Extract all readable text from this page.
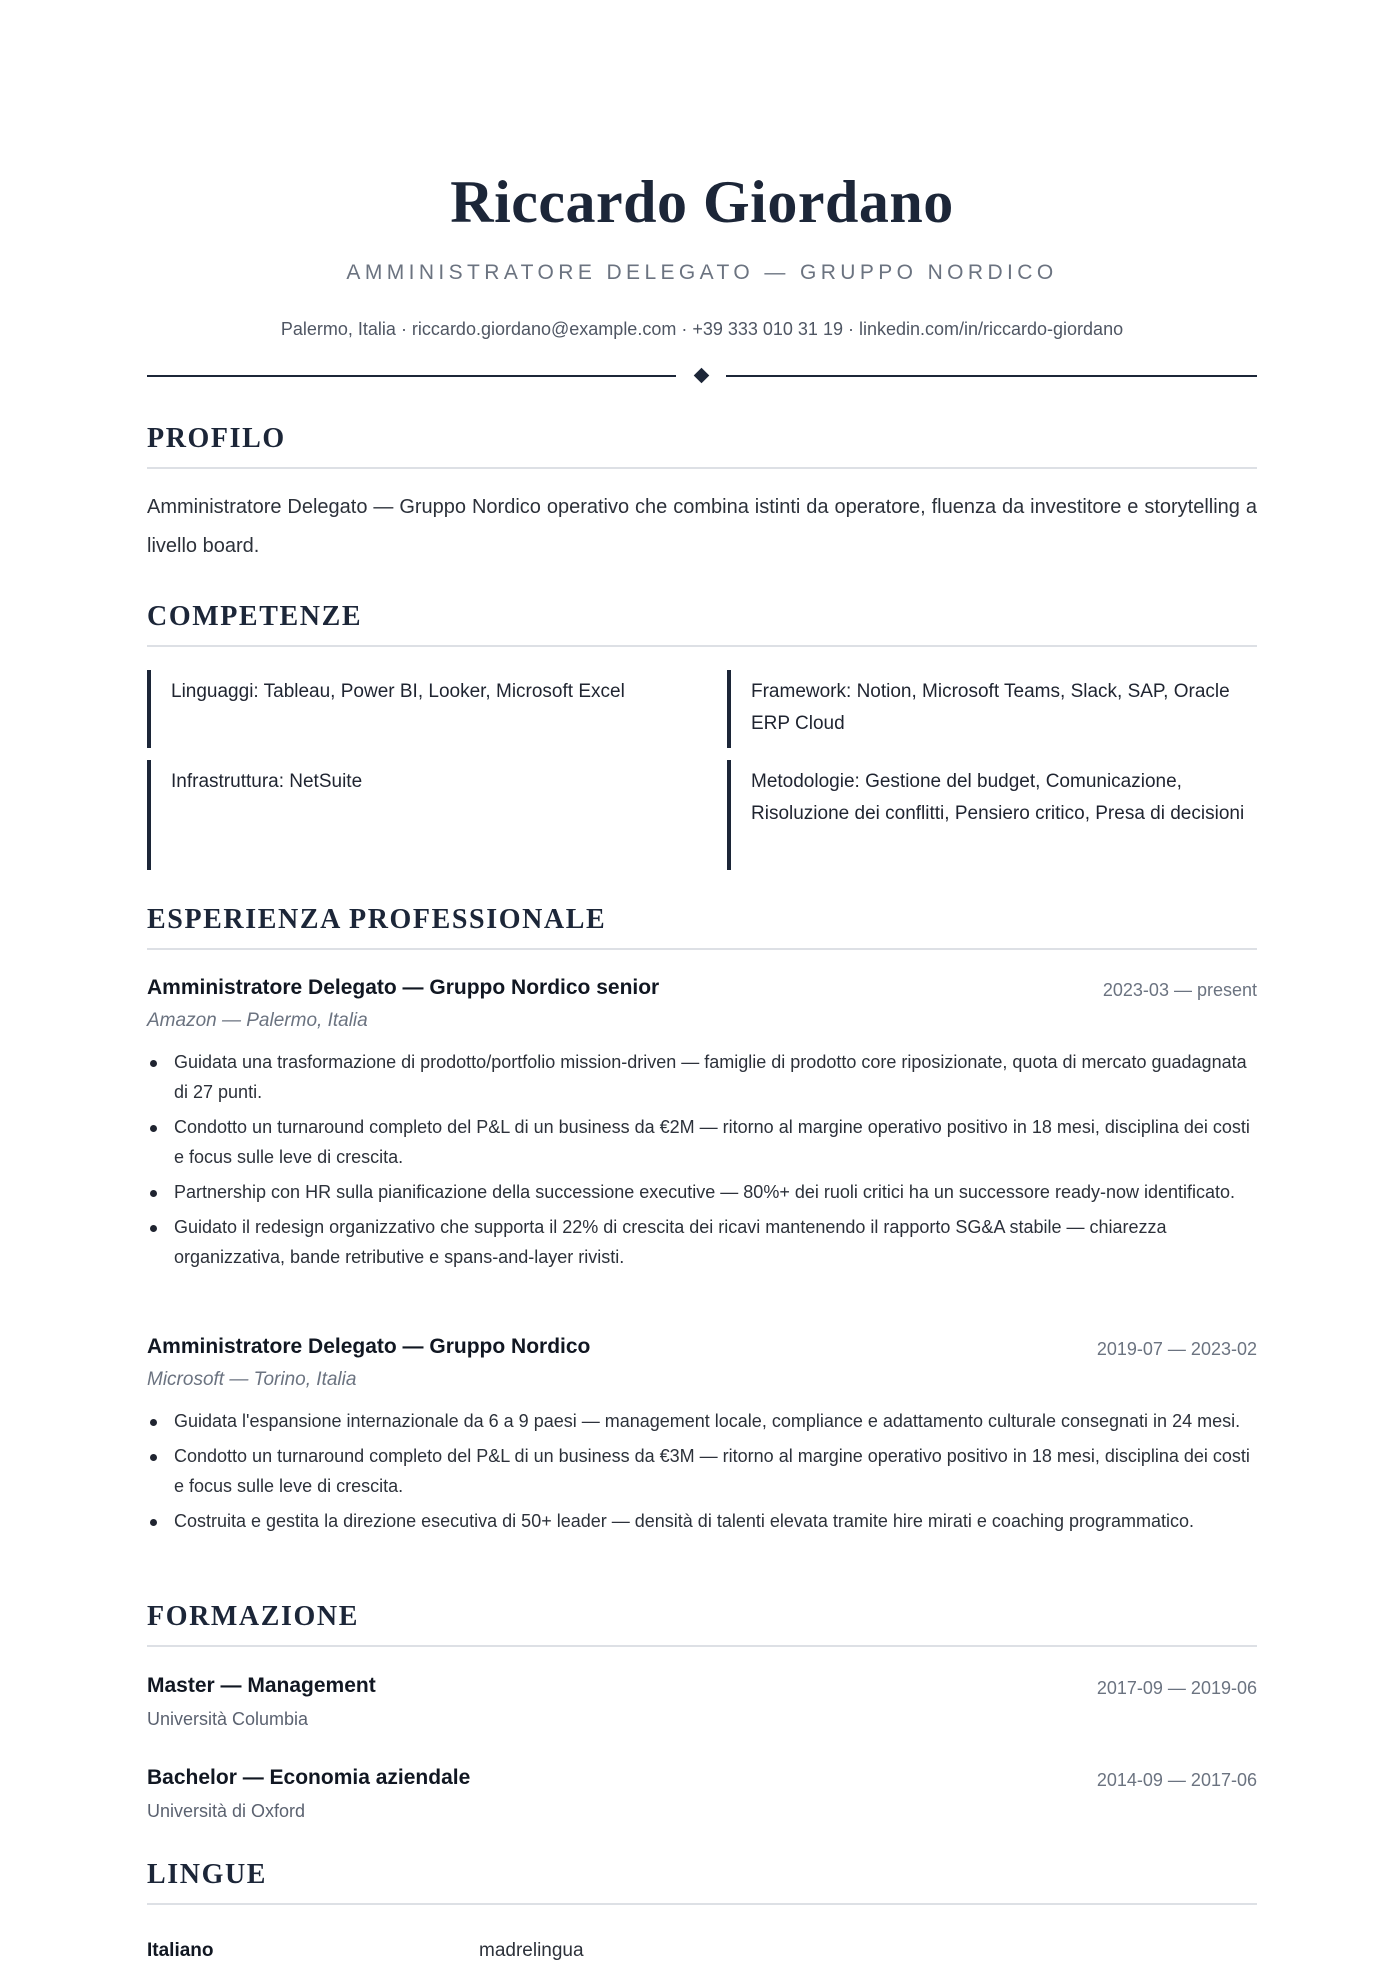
Riccardo Giordano
AMMINISTRATORE DELEGATO — GRUPPO NORDICO
Palermo, Italia · riccardo.giordano@example.com · +39 333 010 31 19 · linkedin.com/in/riccardo-giordano
PROFILO
Amministratore Delegato — Gruppo Nordico operativo che combina istinti da operatore, fluenza da investitore e storytelling a livello board.
COMPETENZE
Linguaggi: Tableau, Power BI, Looker, Microsoft Excel	Framework: Notion, Microsoft Teams, Slack, SAP, Oracle ERP Cloud
Infrastruttura: NetSuite	Metodologie: Gestione del budget, Comunicazione, Risoluzione dei conflitti, Pensiero critico, Presa di decisioni
ESPERIENZA PROFESSIONALE
Amministratore Delegato — Gruppo Nordico senior	2023-03 — present
Amazon — Palermo, Italia
Guidata una trasformazione di prodotto/portfolio mission-driven — famiglie di prodotto core riposizionate, quota di mercato guadagnata di 27 punti.
Condotto un turnaround completo del P&L di un business da €2M — ritorno al margine operativo positivo in 18 mesi, disciplina dei costi e focus sulle leve di crescita.
Partnership con HR sulla pianificazione della successione executive — 80%+ dei ruoli critici ha un successore ready-now identificato.
Guidato il redesign organizzativo che supporta il 22% di crescita dei ricavi mantenendo il rapporto SG&A stabile — chiarezza organizzativa, bande retributive e spans-and-layer rivisti.
Amministratore Delegato — Gruppo Nordico	2019-07 — 2023-02
Microsoft — Torino, Italia
Guidata l'espansione internazionale da 6 a 9 paesi — management locale, compliance e adattamento culturale consegnati in 24 mesi.
Condotto un turnaround completo del P&L di un business da €3M — ritorno al margine operativo positivo in 18 mesi, disciplina dei costi e focus sulle leve di crescita.
Costruita e gestita la direzione esecutiva di 50+ leader — densità di talenti elevata tramite hire mirati e coaching programmatico.
FORMAZIONE
Master — Management	2017-09 — 2019-06
Università Columbia
Bachelor — Economia aziendale	2014-09 — 2017-06
Università di Oxford
LINGUE
Italiano	madrelingua
